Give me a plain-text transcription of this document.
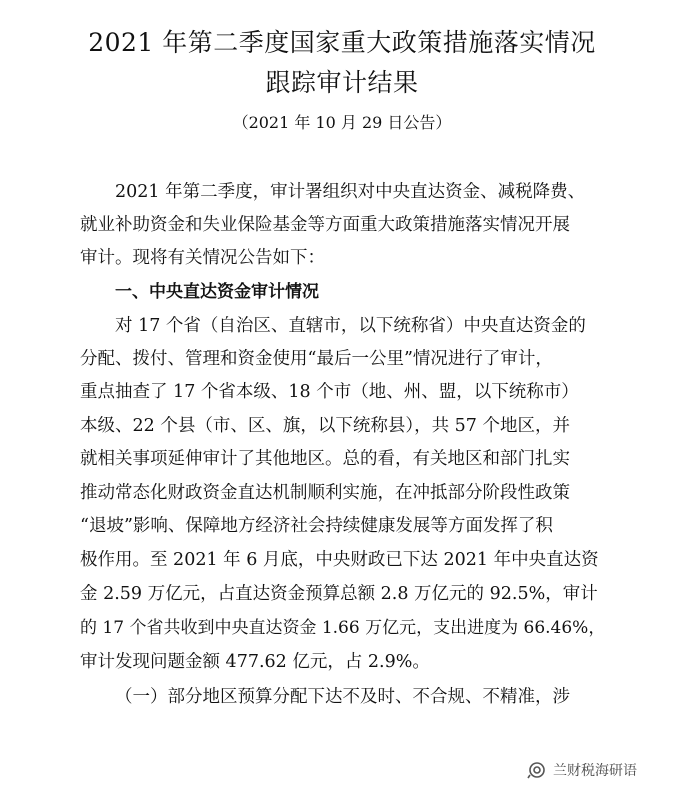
2021 年第二季度国家重大政策措施落实情况
跟踪审计结果
（2021 年 10 月 29 日公告）
2021 年第二季度，审计署组织对中央直达资金、减税降费、
就业补助资金和失业保险基金等方面重大政策措施落实情况开展
审计。现将有关情况公告如下：
一、中央直达资金审计情况
对 17 个省（自治区、直辖市，以下统称省）中央直达资金的
分配、拨付、管理和资金使用“最后一公里”情况进行了审计，
重点抽查了 17 个省本级、18 个市（地、州、盟，以下统称市）
本级、22 个县（市、区、旗，以下统称县），共 57 个地区，并
就相关事项延伸审计了其他地区。总的看，有关地区和部门扎实
推动常态化财政资金直达机制顺利实施，在冲抵部分阶段性政策
“退坡”影响、保障地方经济社会持续健康发展等方面发挥了积
极作用。至 2021 年 6 月底，中央财政已下达 2021 年中央直达资
金 2.59 万亿元，占直达资金预算总额 2.8 万亿元的 92.5%，审计
的 17 个省共收到中央直达资金 1.66 万亿元，支出进度为 66.46%，
审计发现问题金额 477.62 亿元，占 2.9%。
（一）部分地区预算分配下达不及时、不合规、不精准，涉
兰财税海研语
